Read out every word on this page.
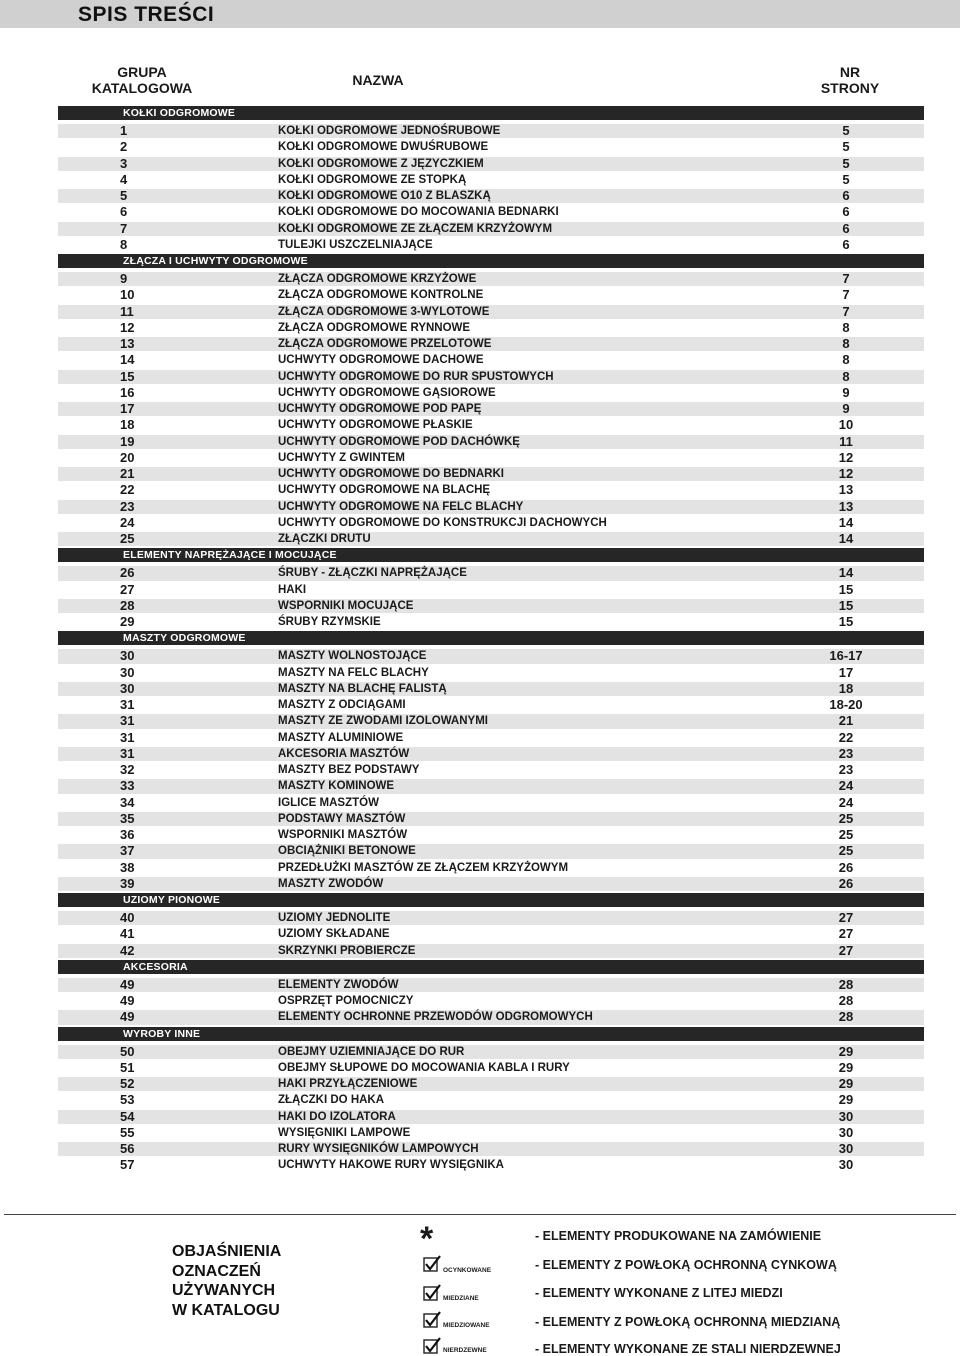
SPIS TREŚCI
GRUPA
KATALOGOWA	NAZWA	NR
STRONY
KOŁKI ODGROMOWE
1	KOŁKI ODGROMOWE JEDNOŚRUBOWE	5
2	KOŁKI ODGROMOWE DWUŚRUBOWE	5
3	KOŁKI ODGROMOWE Z JĘZYCZKIEM	5
4	KOŁKI ODGROMOWE ZE STOPKĄ	5
5	KOŁKI ODGROMOWE O10 Z BLASZKĄ	6
6	KOŁKI ODGROMOWE DO MOCOWANIA BEDNARKI	6
7	KOŁKI ODGROMOWE ZE ZŁĄCZEM KRZYŻOWYM	6
8	TULEJKI USZCZELNIAJĄCE	6
ZŁĄCZA I UCHWYTY ODGROMOWE
9	ZŁĄCZA ODGROMOWE KRZYŻOWE	7
10	ZŁĄCZA ODGROMOWE KONTROLNE	7
11	ZŁĄCZA ODGROMOWE 3-WYLOTOWE	7
12	ZŁĄCZA ODGROMOWE RYNNOWE	8
13	ZŁĄCZA ODGROMOWE PRZELOTOWE	8
14	UCHWYTY ODGROMOWE DACHOWE	8
15	UCHWYTY ODGROMOWE DO RUR SPUSTOWYCH	8
16	UCHWYTY ODGROMOWE GĄSIOROWE	9
17	UCHWYTY ODGROMOWE POD PAPĘ	9
18	UCHWYTY ODGROMOWE PŁASKIE	10
19	UCHWYTY ODGROMOWE POD DACHÓWKĘ	11
20	UCHWYTY Z GWINTEM	12
21	UCHWYTY ODGROMOWE DO BEDNARKI	12
22	UCHWYTY ODGROMOWE NA BLACHĘ	13
23	UCHWYTY ODGROMOWE NA FELC BLACHY	13
24	UCHWYTY ODGROMOWE DO KONSTRUKCJI DACHOWYCH	14
25	ZŁĄCZKI DRUTU	14
ELEMENTY NAPRĘŻAJĄCE I MOCUJĄCE
26	ŚRUBY - ZŁĄCZKI NAPRĘŻAJĄCE	14
27	HAKI	15
28	WSPORNIKI MOCUJĄCE	15
29	ŚRUBY RZYMSKIE	15
MASZTY ODGROMOWE
30	MASZTY WOLNOSTOJĄCE	16-17
30	MASZTY NA FELC BLACHY	17
30	MASZTY NA BLACHĘ FALISTĄ	18
31	MASZTY Z ODCIĄGAMI	18-20
31	MASZTY ZE ZWODAMI IZOLOWANYMI	21
31	MASZTY ALUMINIOWE	22
31	AKCESORIA MASZTÓW	23
32	MASZTY BEZ PODSTAWY	23
33	MASZTY KOMINOWE	24
34	IGLICE MASZTÓW	24
35	PODSTAWY MASZTÓW	25
36	WSPORNIKI MASZTÓW	25
37	OBCIĄŻNIKI BETONOWE	25
38	PRZEDŁUŻKI MASZTÓW ZE ZŁĄCZEM KRZYŻOWYM	26
39	MASZTY ZWODÓW	26
UZIOMY PIONOWE
40	UZIOMY JEDNOLITE	27
41	UZIOMY SKŁADANE	27
42	SKRZYNKI PROBIERCZE	27
AKCESORIA
49	ELEMENTY ZWODÓW	28
49	OSPRZĘT POMOCNICZY	28
49	ELEMENTY OCHRONNE PRZEWODÓW ODGROMOWYCH	28
WYROBY INNE
50	OBEJMY UZIEMNIAJĄCE DO RUR	29
51	OBEJMY SŁUPOWE DO MOCOWANIA KABLA I RURY	29
52	HAKI PRZYŁĄCZENIOWE	29
53	ZŁĄCZKI DO HAKA	29
54	HAKI DO IZOLATORA	30
55	WYSIĘGNIKI LAMPOWE	30
56	RURY WYSIĘGNIKÓW LAMPOWYCH	30
57	UCHWYTY HAKOWE RURY WYSIĘGNIKA	30
OBJAŚNIENIA
OZNACZEŃ
UŻYWANYCH
W KATALOGU
*
OCYNKOWANE
MIEDZIANE
MIEDZIOWANE
NIERDZEWNE
- ELEMENTY PRODUKOWANE NA ZAMÓWIENIE
- ELEMENTY Z POWŁOKĄ OCHRONNĄ CYNKOWĄ
- ELEMENTY WYKONANE Z LITEJ MIEDZI
- ELEMENTY Z POWŁOKĄ OCHRONNĄ MIEDZIANĄ
- ELEMENTY WYKONANE ZE STALI NIERDZEWNEJ
